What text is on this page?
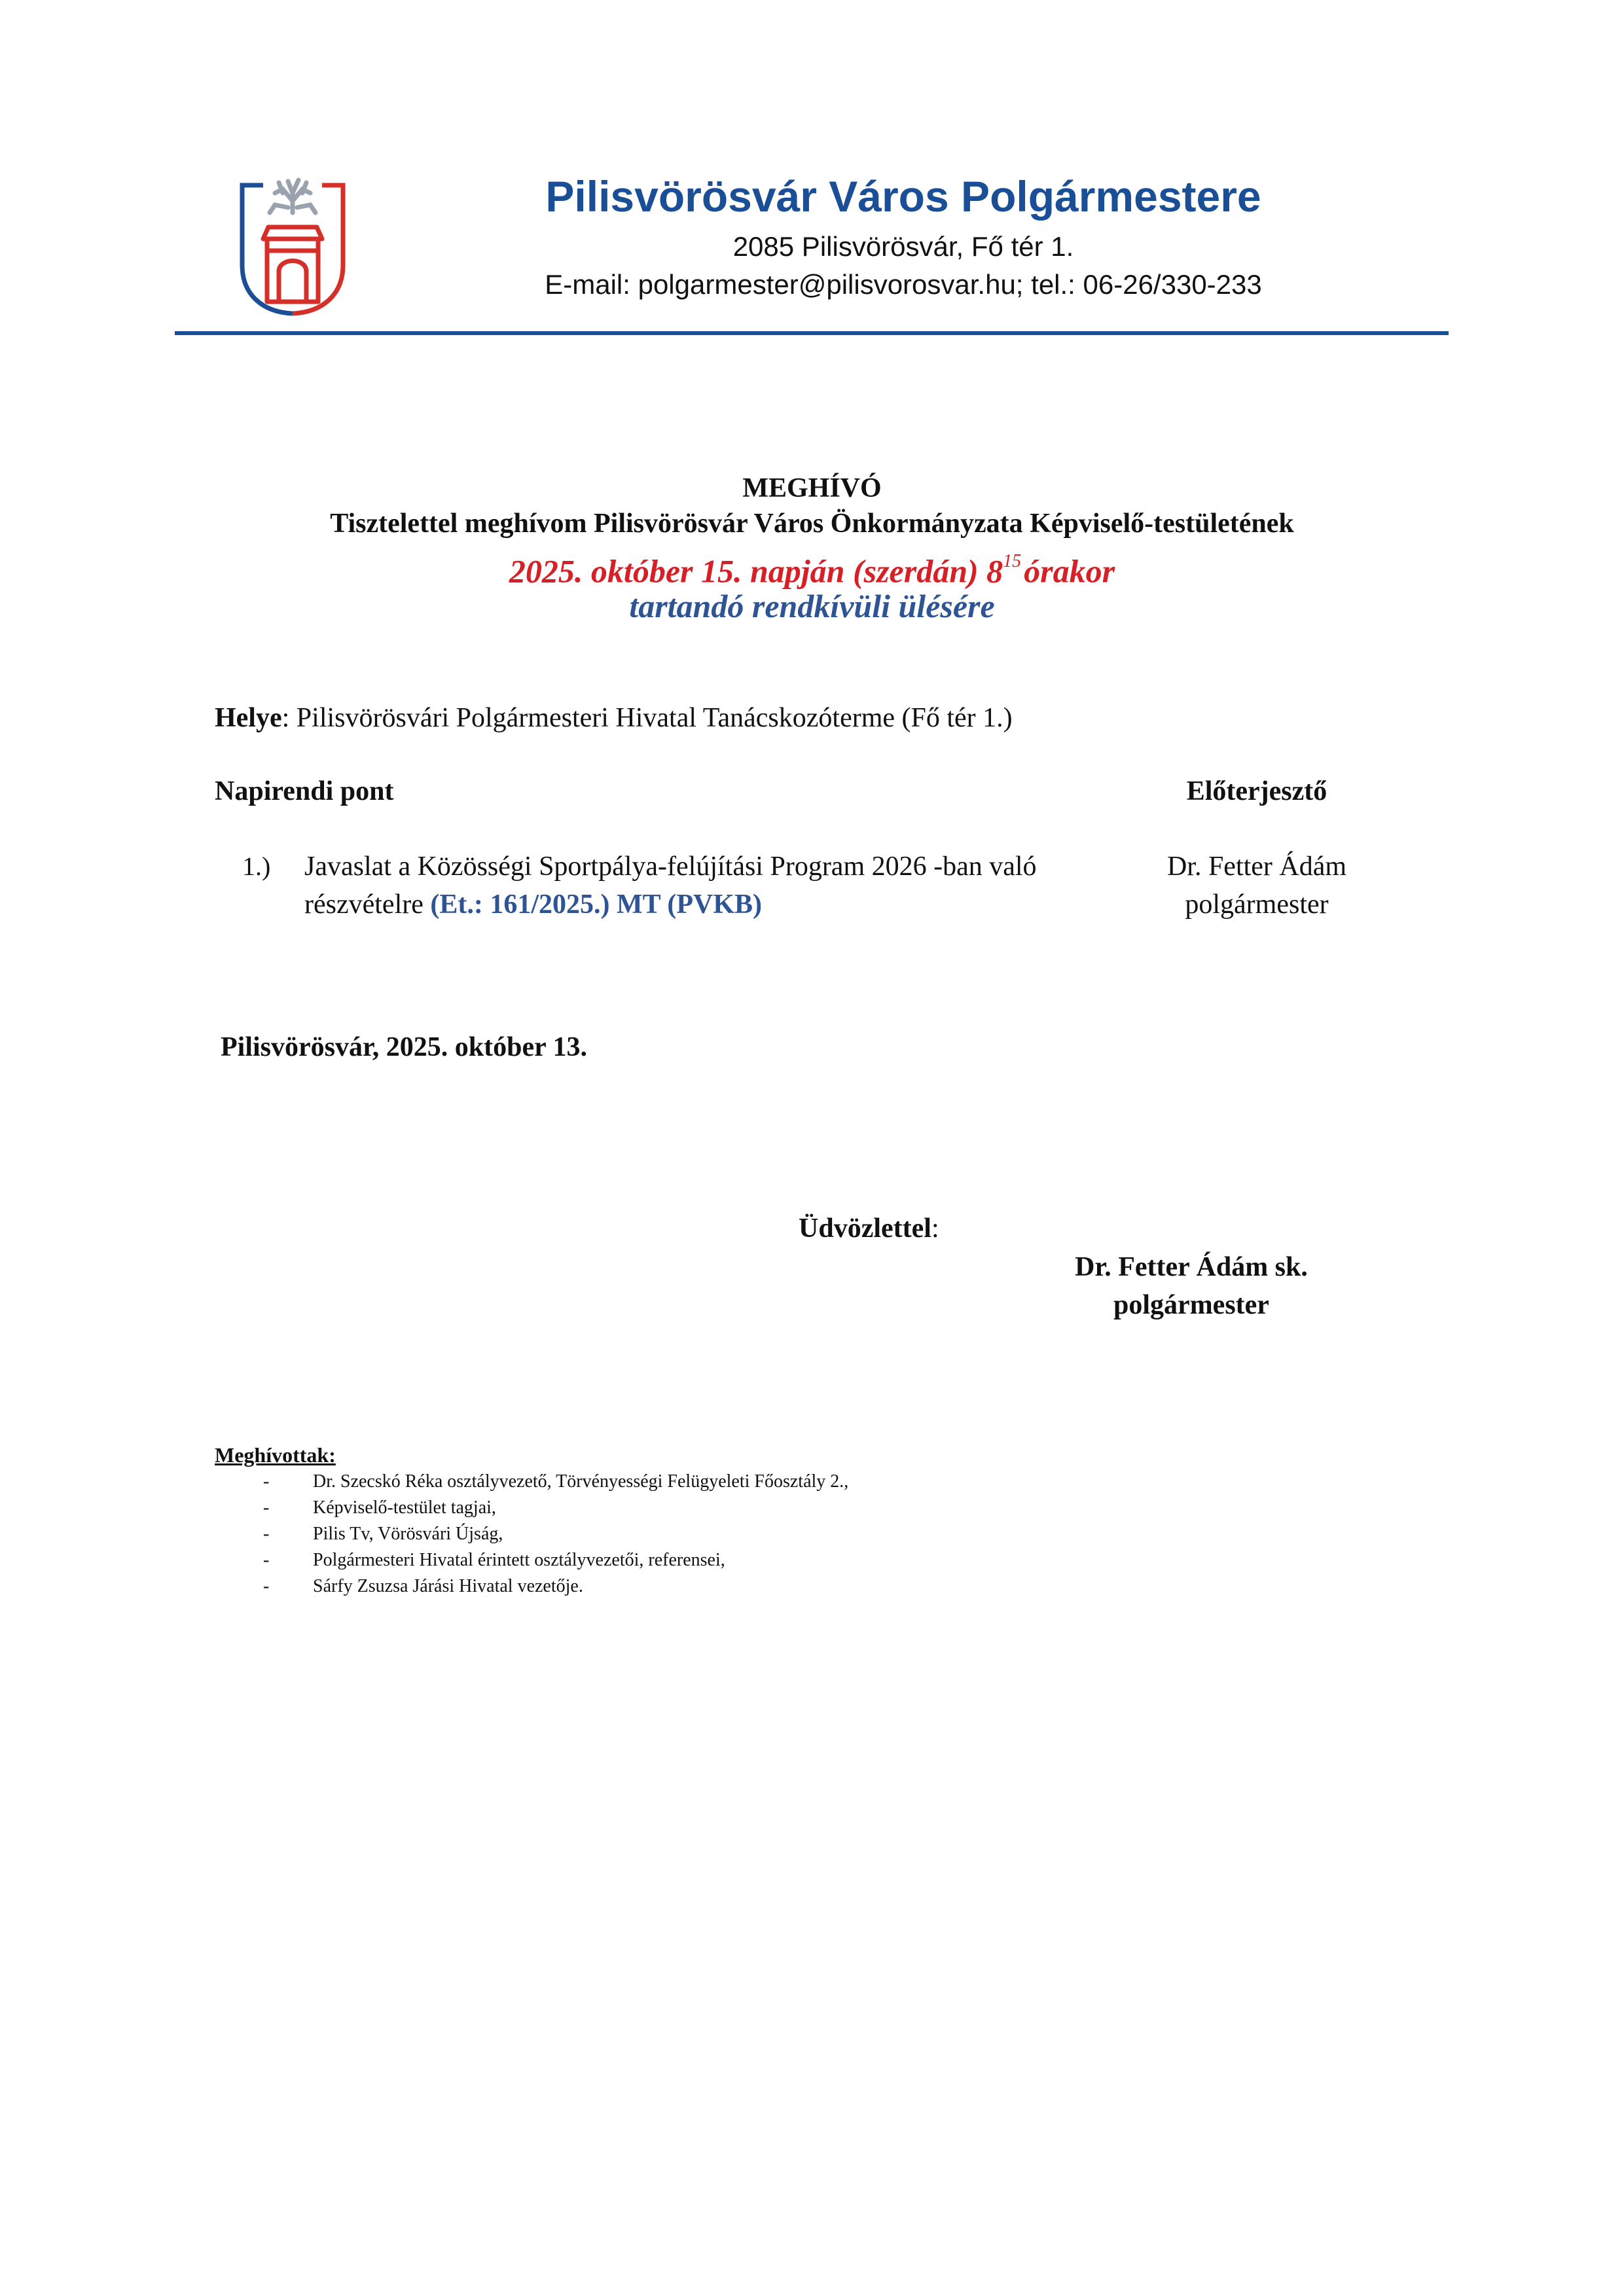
Pilisvörösvár Város Polgármestere
2085 Pilisvörösvár, Fő tér 1.
E-mail: polgarmester@pilisvorosvar.hu; tel.: 06-26/330-233
MEGHÍVÓ
Tisztelettel meghívom Pilisvörösvár Város Önkormányzata Képviselő-testületének
2025. október 15. napján (szerdán) $8^{15}órakor$
tartandó rendkívüli ülésére
Helye: Pilisvörösvári Polgármesteri Hivatal Tanácskozóterme (Fő tér 1.)
Napirendi pont	Előterjesztő
1.) Javaslat a Közösségi Sportpálya-felújítási Program 2026 -ban való részvételre (Et.: 161/2025.) MT (PVKB)
Dr. Fetter Ádám
polgármester
Pilisvörösvár, 2025. október 13.
Üdvözlettel:
Dr. Fetter Ádám sk.
polgármester
Meghívottak:
- Dr. Szecskó Réka osztályvezető, Törvényességi Felügyeleti Főosztály 2.,
- Képviselő-testület tagjai,
- Pilis Tv, Vörösvári Újság,
- Polgármesteri Hivatal érintett osztályvezetői, referensei,
- Sárfy Zsuzsa Járási Hivatal vezetője.
